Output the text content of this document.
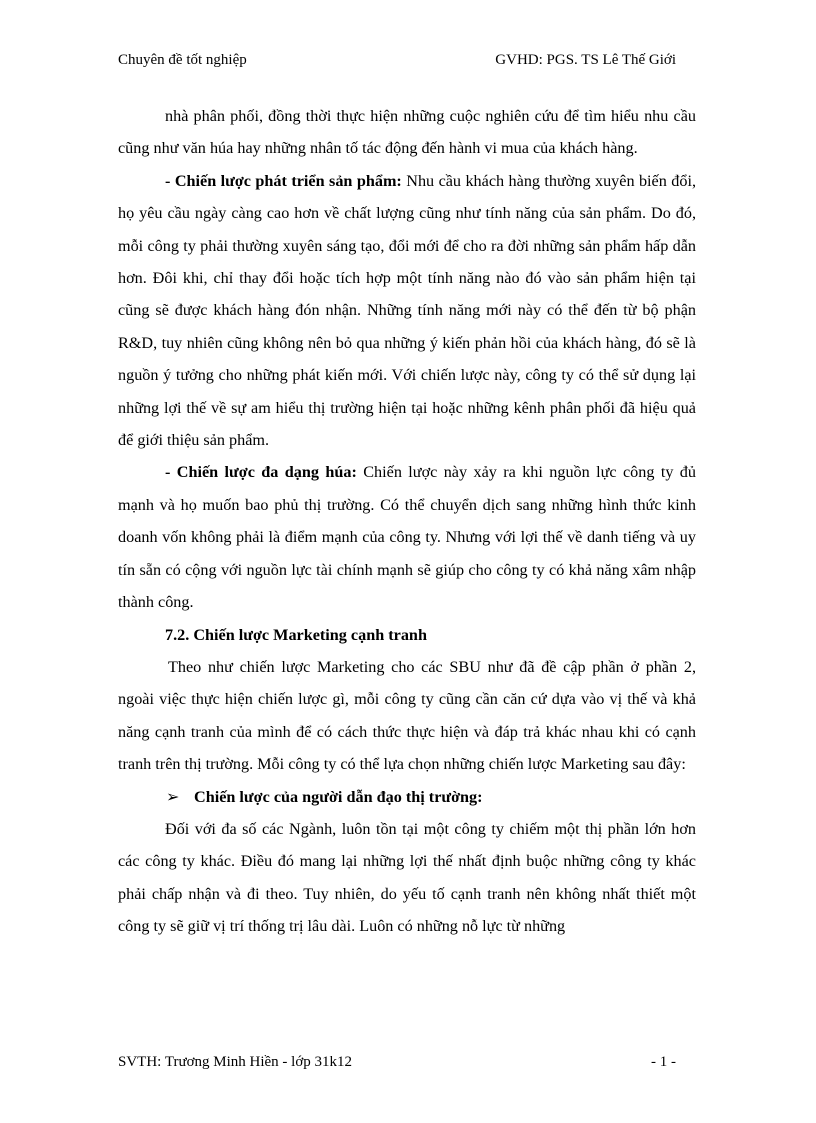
Chuyên đề tốt nghiệp	GVHD: PGS. TS Lê Thế Giới

nhà phân phối, đồng thời thực hiện những cuộc nghiên cứu để tìm hiểu nhu cầu cũng như văn húa hay những nhân tố tác động đến hành vi mua của khách hàng.

- Chiến lược phát triển sản phẩm: Nhu cầu khách hàng thường xuyên biến đổi, họ yêu cầu ngày càng cao hơn về chất lượng cũng như tính năng của sản phẩm. Do đó, mỗi công ty phải thường xuyên sáng tạo, đổi mới để cho ra đời những sản phẩm hấp dẫn hơn. Đôi khi, chỉ thay đổi hoặc tích hợp một tính năng nào đó vào sản phẩm hiện tại cũng sẽ được khách hàng đón nhận. Những tính năng mới này có thể đến từ bộ phận R&D, tuy nhiên cũng không nên bỏ qua những ý kiến phản hồi của khách hàng, đó sẽ là nguồn ý tưởng cho những phát kiến mới. Với chiến lược này, công ty có thể sử dụng lại những lợi thế về sự am hiểu thị trường hiện tại hoặc những kênh phân phối đã hiệu quả để giới thiệu sản phẩm.

- Chiến lược đa dạng húa: Chiến lược này xảy ra khi nguồn lực công ty đủ mạnh và họ muốn bao phủ thị trường. Có thể chuyển dịch sang những hình thức kinh doanh vốn không phải là điểm mạnh của công ty. Nhưng với lợi thế về danh tiếng và uy tín sẵn có cộng với nguồn lực tài chính mạnh sẽ giúp cho công ty có khả năng xâm nhập thành công.

7.2. Chiến lược Marketing cạnh tranh

Theo như chiến lược Marketing cho các SBU như đã đề cập phần ở phần 2, ngoài việc thực hiện chiến lược gì, mỗi công ty cũng cần căn cứ dựa vào vị thế và khả năng cạnh tranh của mình để có cách thức thực hiện và đáp trả khác nhau khi có cạnh tranh trên thị trường. Mỗi công ty có thể lựa chọn những chiến lược Marketing sau đây:

➢ Chiến lược của người dẫn đạo thị trường:

Đối với đa số các Ngành, luôn tồn tại một công ty chiếm một thị phần lớn hơn các công ty khác. Điều đó mang lại những lợi thế nhất định buộc những công ty khác phải chấp nhận và đi theo. Tuy nhiên, do yếu tố cạnh tranh nên không nhất thiết một công ty sẽ giữ vị trí thống trị lâu dài. Luôn có những nỗ lực từ những

SVTH: Trương Minh Hiền - lớp 31k12	- 1 -
